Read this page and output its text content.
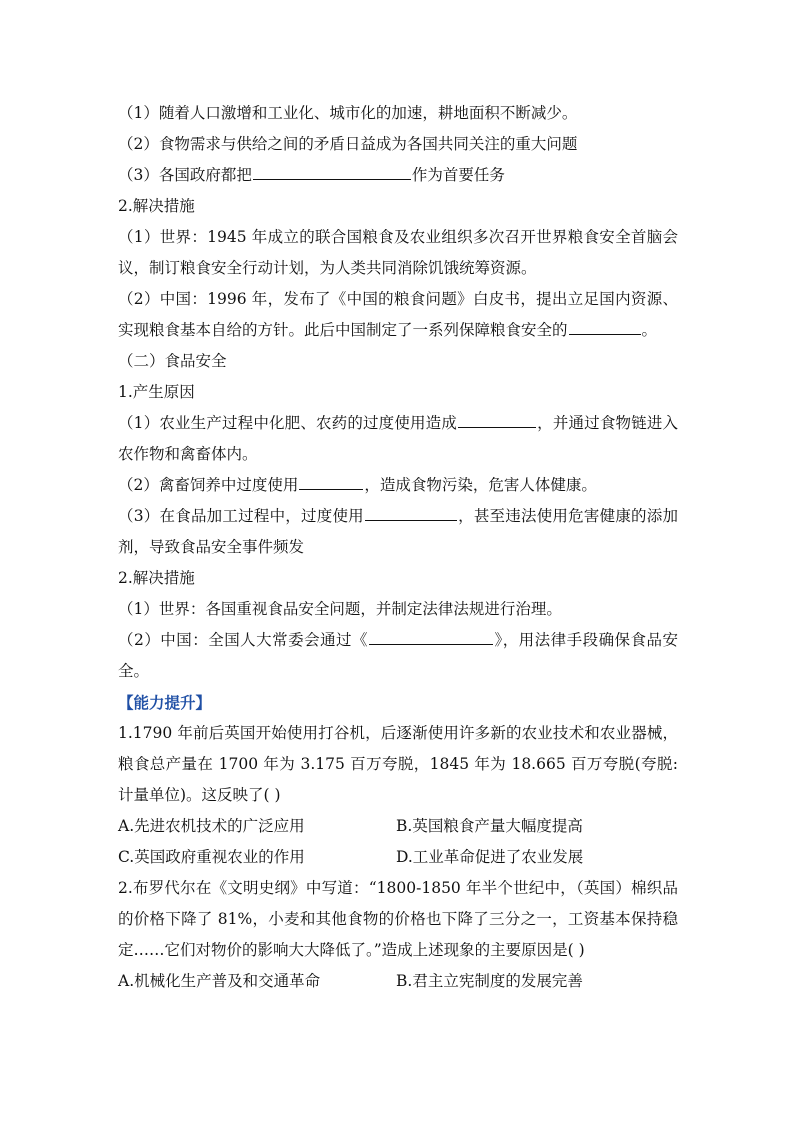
（1）随着人口激增和工业化、城市化的加速，耕地面积不断减少。
（2）食物需求与供给之间的矛盾日益成为各国共同关注的重大问题
（3）各国政府都把	作为首要任务
2.解决措施
（1）世界：1945 年成立的联合国粮食及农业组织多次召开世界粮食安全首脑会议，制订粮食安全行动计划，为人类共同消除饥饿统筹资源。
（2）中国：1996 年，发布了《中国的粮食问题》白皮书，提出立足国内资源、实现粮食基本自给的方针。此后中国制定了一系列保障粮食安全的	。
（二）食品安全
1.产生原因
（1）农业生产过程中化肥、农药的过度使用造成	，并通过食物链进入农作物和禽畜体内。
（2）禽畜饲养中过度使用	，造成食物污染，危害人体健康。
（3）在食品加工过程中，过度使用	，甚至违法使用危害健康的添加剂，导致食品安全事件频发
2.解决措施
（1）世界：各国重视食品安全问题，并制定法律法规进行治理。
（2）中国：全国人大常委会通过《	》，用法律手段确保食品安全。
【能力提升】
1.1790 年前后英国开始使用打谷机，后逐渐使用许多新的农业技术和农业器械，粮食总产量在 1700 年为 3.175 百万夸脱，1845 年为 18.665 百万夸脱(夸脱:计量单位)。这反映了( )
A.先进农机技术的广泛应用	B.英国粮食产量大幅度提高
C.英国政府重视农业的作用	D.工业革命促进了农业发展
2.布罗代尔在《文明史纲》中写道：“1800-1850 年半个世纪中，（英国）棉织品的价格下降了 81%，小麦和其他食物的价格也下降了三分之一，工资基本保持稳定……它们对物价的影响大大降低了。”造成上述现象的主要原因是( )
A.机械化生产普及和交通革命	B.君主立宪制度的发展完善
